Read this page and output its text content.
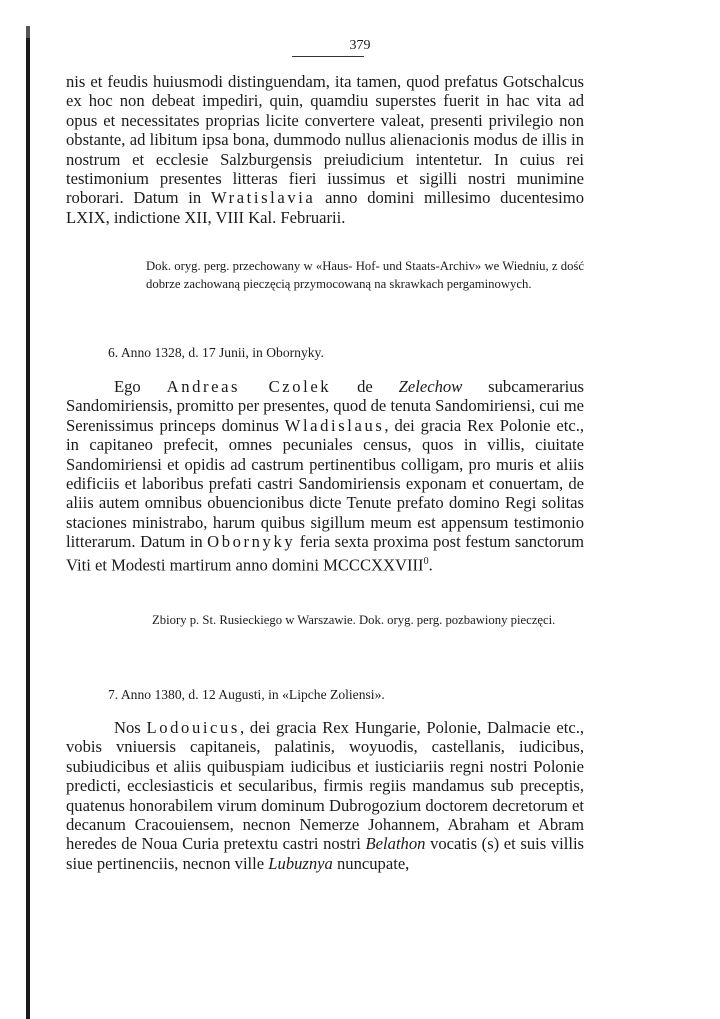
379

nis et feudis huiusmodi distinguendam, ita tamen, quod prefatus Gotschalcus ex hoc non debeat impediri, quin, quamdiu superstes fuerit in hac vita ad opus et necessitates proprias licite convertere valeat, presenti privilegio non obstante, ad libitum ipsa bona, dummodo nullus alienacionis modus de illis in nostrum et ecclesie Salzburgensis preiudicium intentetur. In cuius rei testimonium presentes litteras fieri iussimus et sigilli nostri munimine roborari. Datum in Wratislavia anno domini millesimo ducentesimo LXIX, indictione XII, VIII Kal. Februarii.

Dok. oryg. perg. przechowany w «Haus- Hof- und Staats-Archiv» we Wiedniu, z dość dobrze zachowaną pieczęcią przymocowaną na skrawkach pergaminowych.
6. Anno 1328, d. 17 Junii, in Obornyky.

Ego Andreas Czolek de Zelechow subcamerarius Sandomiriensis, promitto per presentes, quod de tenuta Sandomiriensi, cui me Serenissimus princeps dominus Wladislaus, dei gracia Rex Polonie etc., in capitaneo prefecit, omnes pecuniales census, quos in villis, ciuitate Sandomiriensi et opidis ad castrum pertinentibus colligam, pro muris et aliis edificiis et laboribus prefati castri Sandomiriensis exponam et conuertam, de aliis autem omnibus obuencionibus dicte Tenute prefato domino Regi solitas staciones ministrabo, harum quibus sigillum meum est appensum testimonio litterarum. Datum in Obornyky feria sexta proxima post festum sanctorum Viti et Modesti martirum anno domini MCCCXXVIII$^0$.

Zbiory p. St. Rusieckiego w Warszawie. Dok. oryg. perg. pozbawiony pieczęci.
7. Anno 1380, d. 12 Augusti, in «Lipche Zoliensi».

Nos Lodouicus, dei gracia Rex Hungarie, Polonie, Dalmacie etc., vobis vniuersis capitaneis, palatinis, woyuodis, castellanis, iudicibus, subiudicibus et aliis quibuspiam iudicibus et iusticiariis regni nostri Polonie predicti, ecclesiasticis et secularibus, firmis regiis mandamus sub preceptis, quatenus honorabilem virum dominum Dubrogozium doctorem decretorum et decanum Cracouiensem, necnon Nemerze Johannem, Abraham et Abram heredes de Noua Curia pretextu castri nostri Belathon vocatis (s) et suis villis siue pertinenciis, necnon ville Lubuznya nuncupate,
